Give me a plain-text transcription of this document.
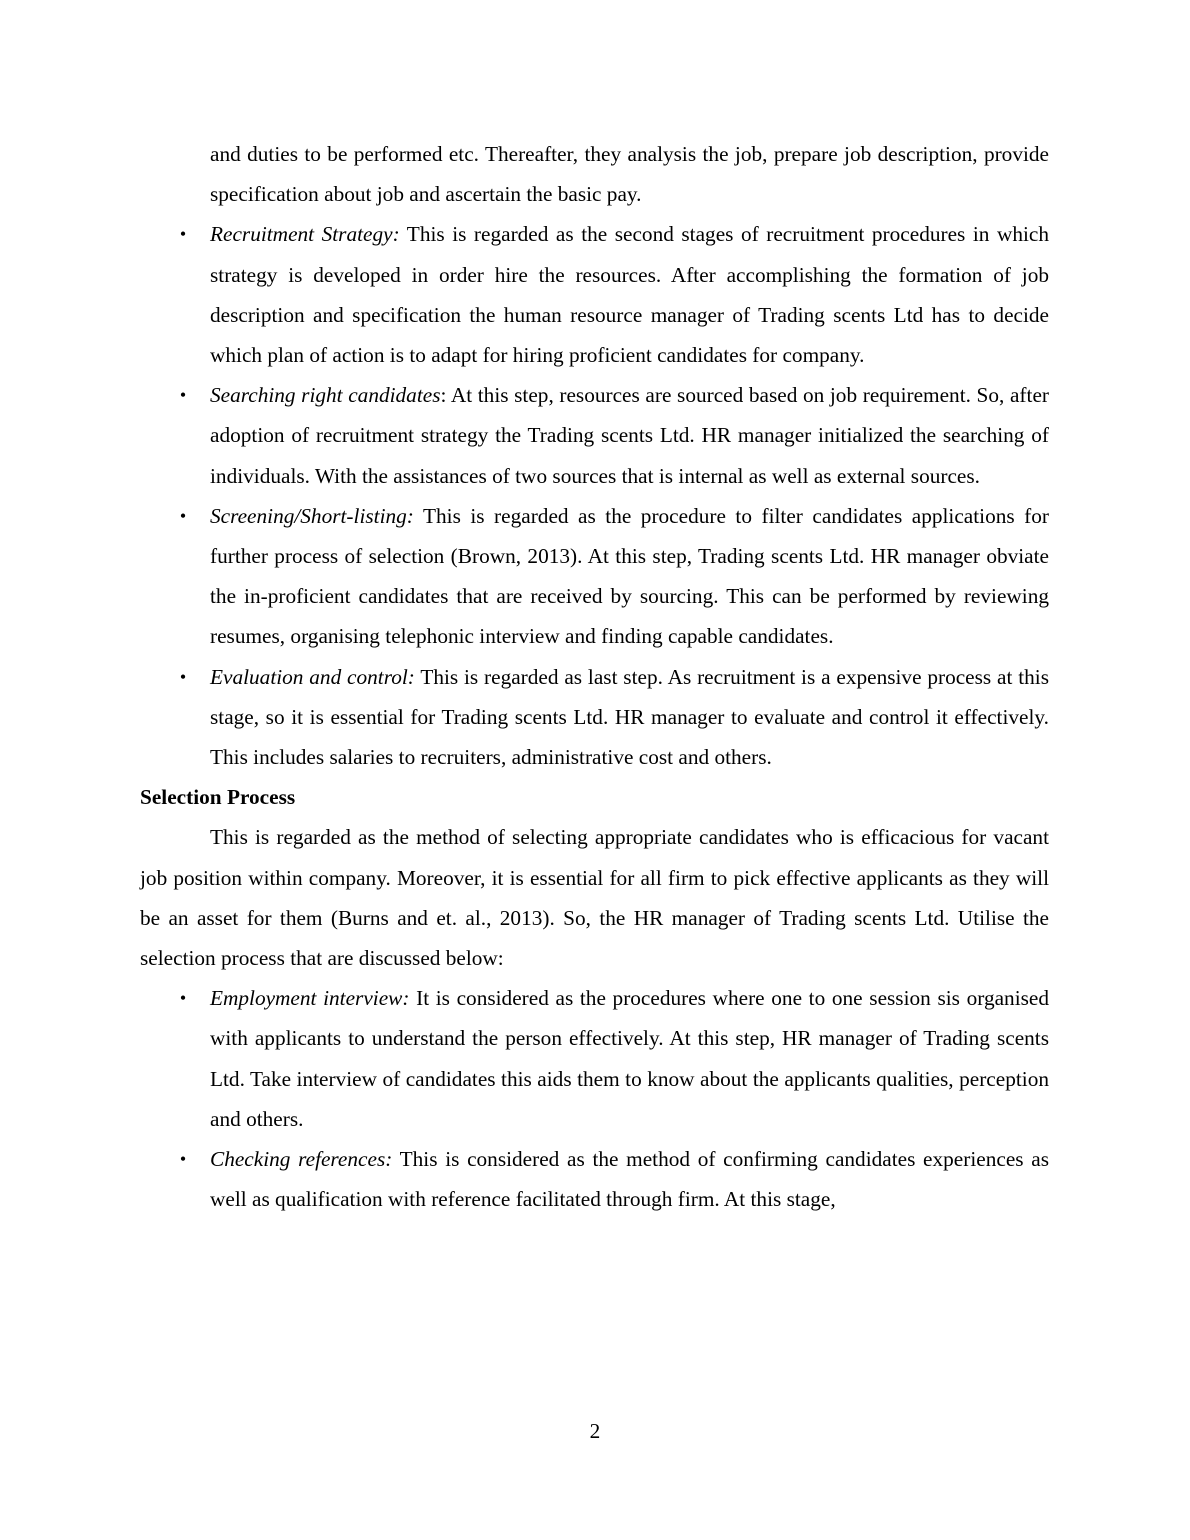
and duties to be performed etc. Thereafter, they analysis the job, prepare job description, provide specification about job and ascertain the basic pay.

• Recruitment Strategy: This is regarded as the second stages of recruitment procedures in which strategy is developed in order hire the resources. After accomplishing the formation of job description and specification the human resource manager of Trading scents Ltd has to decide which plan of action is to adapt for hiring proficient candidates for company.
• Searching right candidates: At this step, resources are sourced based on job requirement. So, after adoption of recruitment strategy the Trading scents Ltd. HR manager initialized the searching of individuals. With the assistances of two sources that is internal as well as external sources.
• Screening/Short-listing: This is regarded as the procedure to filter candidates applications for further process of selection (Brown, 2013). At this step, Trading scents Ltd. HR manager obviate the in-proficient candidates that are received by sourcing. This can be performed by reviewing resumes, organising telephonic interview and finding capable candidates.
• Evaluation and control: This is regarded as last step. As recruitment is a expensive process at this stage, so it is essential for Trading scents Ltd. HR manager to evaluate and control it effectively. This includes salaries to recruiters, administrative cost and others.
Selection Process

This is regarded as the method of selecting appropriate candidates who is efficacious for vacant job position within company. Moreover, it is essential for all firm to pick effective applicants as they will be an asset for them (Burns and et. al., 2013). So, the HR manager of Trading scents Ltd. Utilise the selection process that are discussed below:

• Employment interview: It is considered as the procedures where one to one session sis organised with applicants to understand the person effectively. At this step, HR manager of Trading scents Ltd. Take interview of candidates this aids them to know about the applicants qualities, perception and others.
• Checking references: This is considered as the method of confirming candidates experiences as well as qualification with reference facilitated through firm. At this stage,
2
